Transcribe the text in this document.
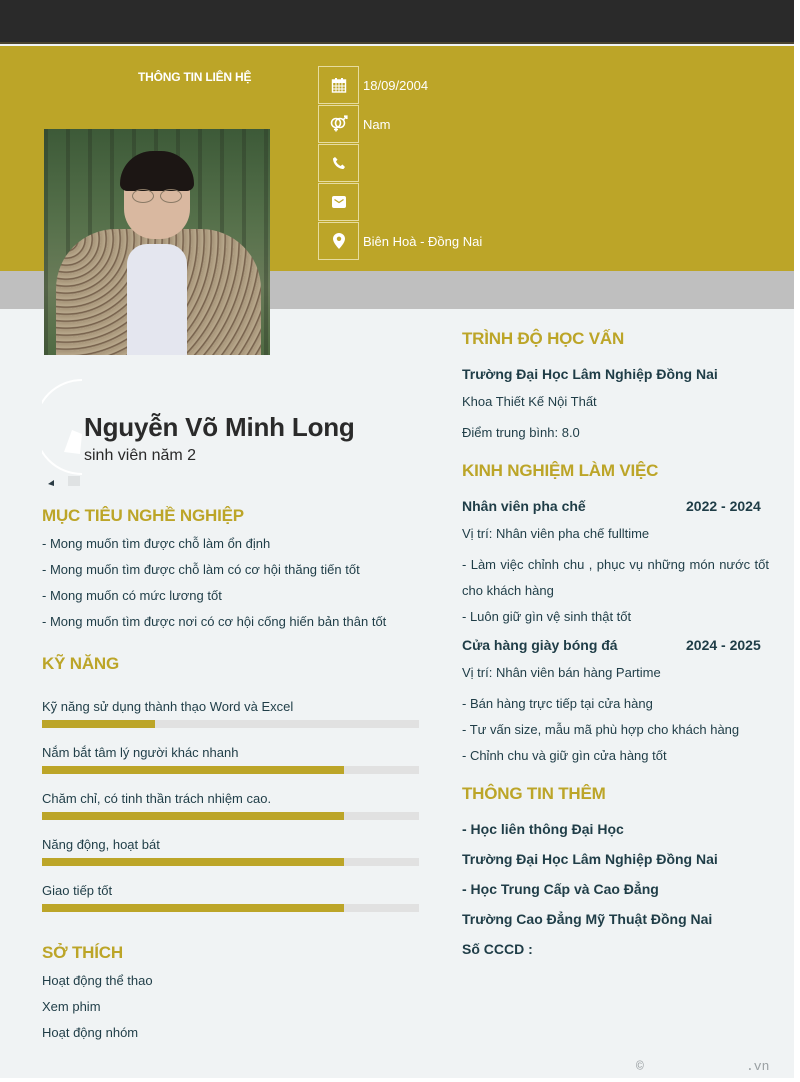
THÔNG TIN LIÊN HỆ
18/09/2004
Nam
Biên Hoà - Đồng Nai
Nguyễn Võ Minh Long
sinh viên năm 2
MỤC TIÊU NGHỀ NGHIỆP
- Mong muốn tìm được chỗ làm ổn định
- Mong muốn tìm được chỗ làm có cơ hội thăng tiến tốt
- Mong muốn có mức lương tốt
- Mong muốn tìm được nơi có cơ hội cống hiến bản thân tốt
KỸ NĂNG
Kỹ năng sử dụng thành thạo Word và Excel
Nắm bắt tâm lý người khác nhanh
Chăm chỉ, có tinh thần trách nhiệm cao.
Năng động, hoạt bát
Giao tiếp tốt
SỞ THÍCH
Hoạt động thể thao
Xem phim
Hoạt động nhóm
TRÌNH ĐỘ HỌC VẤN
Trường Đại Học Lâm Nghiệp Đồng Nai
Khoa Thiết Kế Nội Thất
Điểm trung bình: 8.0
KINH NGHIỆM LÀM VIỆC
Nhân viên pha chế	2022 - 2024
Vị trí: Nhân viên pha chế fulltime
- Làm việc chỉnh chu , phục vụ những món nước tốt cho khách hàng
- Luôn giữ gìn vệ sinh thật tốt
Cửa hàng giày bóng đá	2024 - 2025
Vị trí: Nhân viên bán hàng Partime
- Bán hàng trực tiếp tại cửa hàng
- Tư vấn size, mẫu mã phù hợp cho khách hàng
- Chỉnh chu và giữ gìn cửa hàng tốt
THÔNG TIN THÊM
- Học liên thông Đại Học
Trường Đại Học Lâm Nghiệp Đồng Nai
- Học Trung Cấp và Cao Đẳng
Trường Cao Đẳng Mỹ Thuật Đồng Nai
Số CCCD :
©	.vn
